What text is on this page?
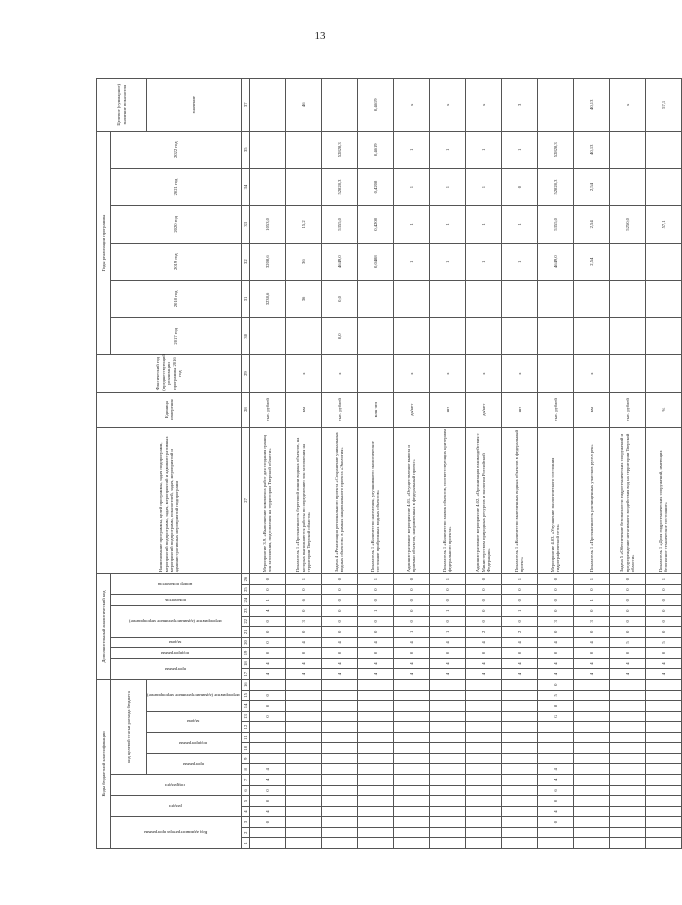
13
Коды бюджетной классификации																Дополнительный аналитический код										Наименование программы, целей программы, задач подпрограмм, мероприятий подпрограмм, задач, мероприятий и административных мероприятий подпрограмм, показателей, задач, мероприятий и административных мероприятий подпрограмм	Единица измерения	Фактический год (предшествующий реализации программы 2016 год	Годы реализации программы						Целевое (суммарное) значение показателя
Код администратора программы			раздел		подраздел		код целевой статьи расхода бюджета									программа		подпрограмма	задача	мероприятие (административное мероприятие)			показатель	номер показателя					2017 год	2018 год	2019 год	2020 год	2021 год	2022 год	
							программа		подпрограмма		задача		мероприятие (административное мероприятие)																						значение
1	2	3	4	5	6	7	8	9	10	11	12	13	14	15	16	17	18	19	20	21	22	23	24	25	26	27	28	29	30	31	32	33	34	35	37
		0	4	0	0	4	4					0	0	0		4	4	0	0	0	0	4	1	0	0	Мероприятие 3.9. «Выполнение комплекса работ для создания границ зон затопления, подтопления на территории Тверской области»	тыс. рублей			3238,6	3208,6	1053,0			
																4	4	0	4	0	3	0	6	0	1	Показатель 1 «Протяженность береговой линии водных объектов, на которых выполняются работы по определению зон затопления на территории Тверской области»	км	х		36	36	15,2			46
																4	4	0	4	0	0	0	0	0	0	Задача 4 «Реализация регионального проекта «Сохранение уникальных водных объектов» в рамках национального проекта «Экология»	тыс. рублей	х	0,0	0,0	4649,0	5355,0	52828,3	52828,3	
																4	4	0	4	0	0	1	0	0	1	Показатель 1 «Количество населения, улучшившего экологическое состояние прибрежных водных объектов»	млн чел				0,0488	0,4208	0,4208	0,4619	0,4619
																4	4	0	4	1	0	0	0	0	0	Административное мероприятие 4.01. «Осуществление вывоза и приемки объектов, направленных в федеральный проект»	да/нет	х			1	1	1	1	х
																4	4	0	4	1	0	1	0	0	1	Показатель 1 «Количество заявок объектов, соответствующих критериям федерального проекта»	шт	х			1	1	1	1	х
																4	4	0	4	2	0	0	0	0	0	Административное мероприятие 4.02. «Организация взаимодействия с Министерством природных ресурсов и экологии Российской Федерации»	да/нет	х			1	1	1	1	х
																4	4	0	4	2	0	1	0	0	1	Показатель 1 «Количество включенных водных объектов в федеральный проект»	шт	х			1	1	0	1	3
		0	4	0	6	4	4					G	8	5	0	4	4	0	4	0	3	0	0	0	0	Мероприятие 4.03. «Улучшение экологического состояния гидрографической сети»	тыс. рублей				4649,0	5355,0	52828,3	52828,3	
																4	4	0	4	0	3	0	1	0	1	Показатель 1 «Протяженность расчищенных участков русел рек»	км	х			2,54	2,54	2,54	40,13	40,13
																4	4	0	5	0	0	0	0	0	0	Задача 5 «Обеспечение безопасности гидротехнических сооружений и предупреждение негативного воздействия вод на территории Тверской области»	тыс. рублей					5250,0			х
																4	4	0	5	0	0	0	0	0	1	Показатель 1 «Доля гидротехнических сооружений, имеющих безопасное техническое состояние»	%					57,1			57,1
